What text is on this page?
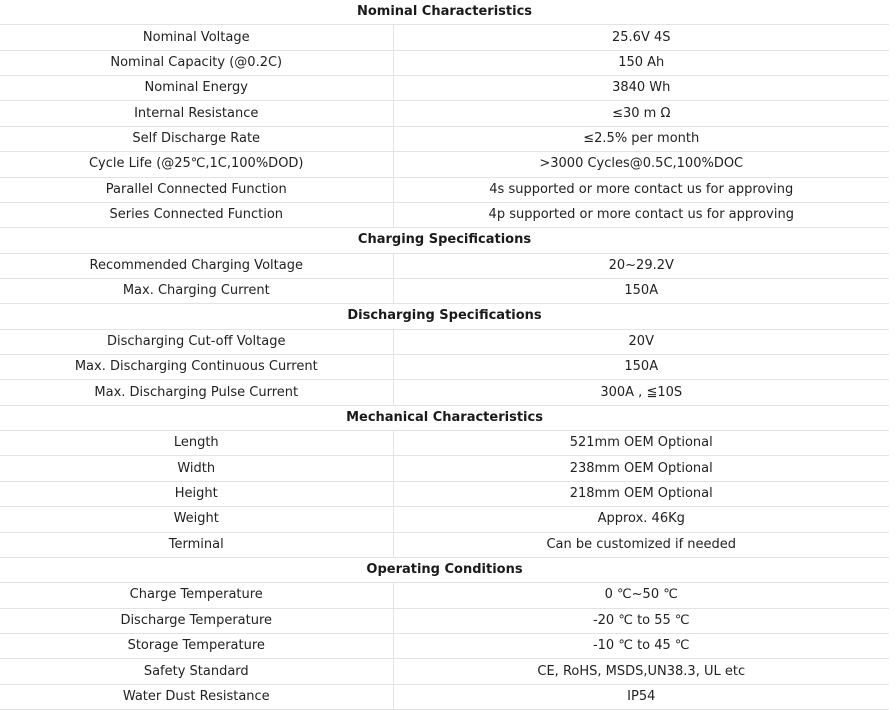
Nominal Characteristics	
Nominal Voltage	25.6V 4S
Nominal Capacity (@0.2C)	150 Ah
Nominal Energy	3840 Wh
Internal Resistance	≤30 m Ω
Self Discharge Rate	≤2.5% per month
Cycle Life (@25℃,1C,100%DOD)	>3000 Cycles@0.5C,100%DOC
Parallel Connected Function	4s supported or more contact us for approving
Series Connected Function	4p supported or more contact us for approving
Charging Specifications	
Recommended Charging Voltage	20~29.2V
Max. Charging Current	150A
Discharging Specifications	
Discharging Cut-off Voltage	20V
Max. Discharging Continuous Current	150A
Max. Discharging Pulse Current	300A , ≦10S
Mechanical Characteristics	
Length	521mm OEM Optional
Width	238mm OEM Optional
Height	218mm OEM Optional
Weight	Approx. 46Kg
Terminal	Can be customized if needed
Operating Conditions	
Charge Temperature	0 ℃~50 ℃
Discharge Temperature	-20 ℃ to 55 ℃
Storage Temperature	-10 ℃ to 45 ℃
Safety Standard	CE, RoHS, MSDS,UN38.3, UL etc
Water Dust Resistance	IP54
